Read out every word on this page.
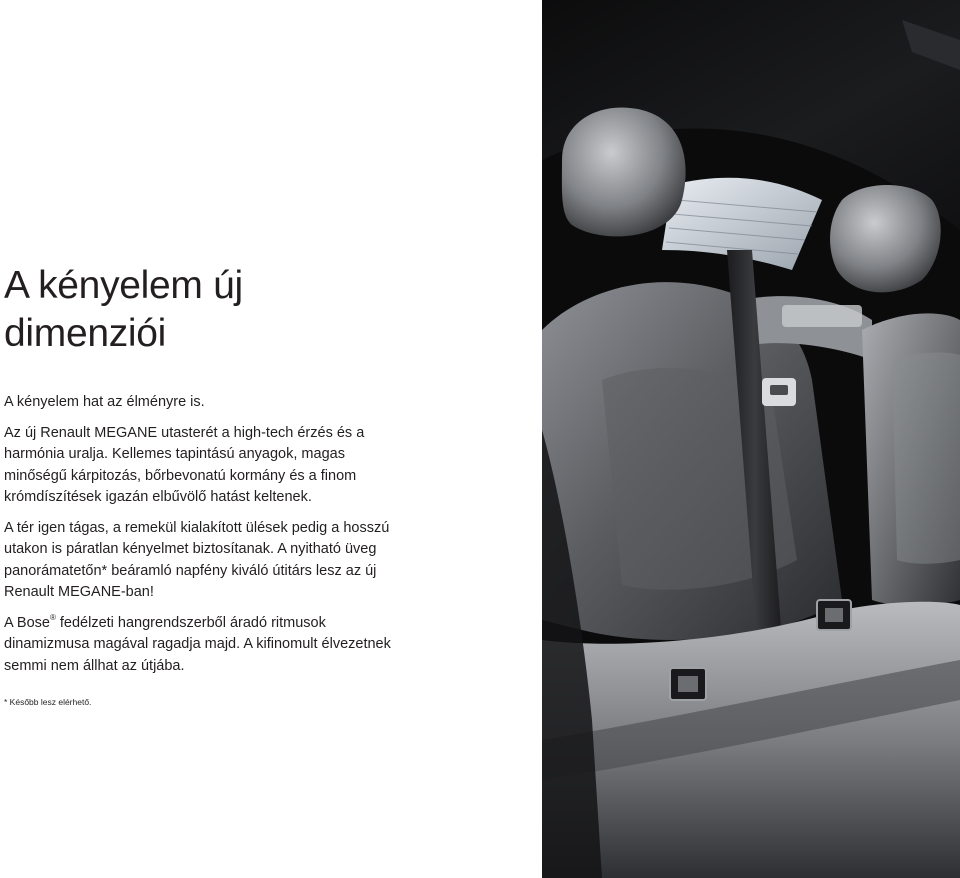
A kényelem új
dimenziói

A kényelem hat az élményre is.

Az új Renault MEGANE utasterét a high-tech érzés és a harmónia uralja. Kellemes tapintású anyagok, magas minőségű kárpitozás, bőrbevonatú kormány és a finom krómdíszítések igazán elbűvölő hatást keltenek.

A tér igen tágas, a remekül kialakított ülések pedig a hosszú utakon is páratlan kényelmet biztosítanak. A nyitható üveg panorámatetőn* beáramló napfény kiváló útitárs lesz az új Renault MEGANE-ban!

A Bose® fedélzeti hangrendszerből áradó ritmusok dinamizmusa magával ragadja majd. A kifinomult élvezetnek semmi nem állhat az útjába.

* Később lesz elérhető.
